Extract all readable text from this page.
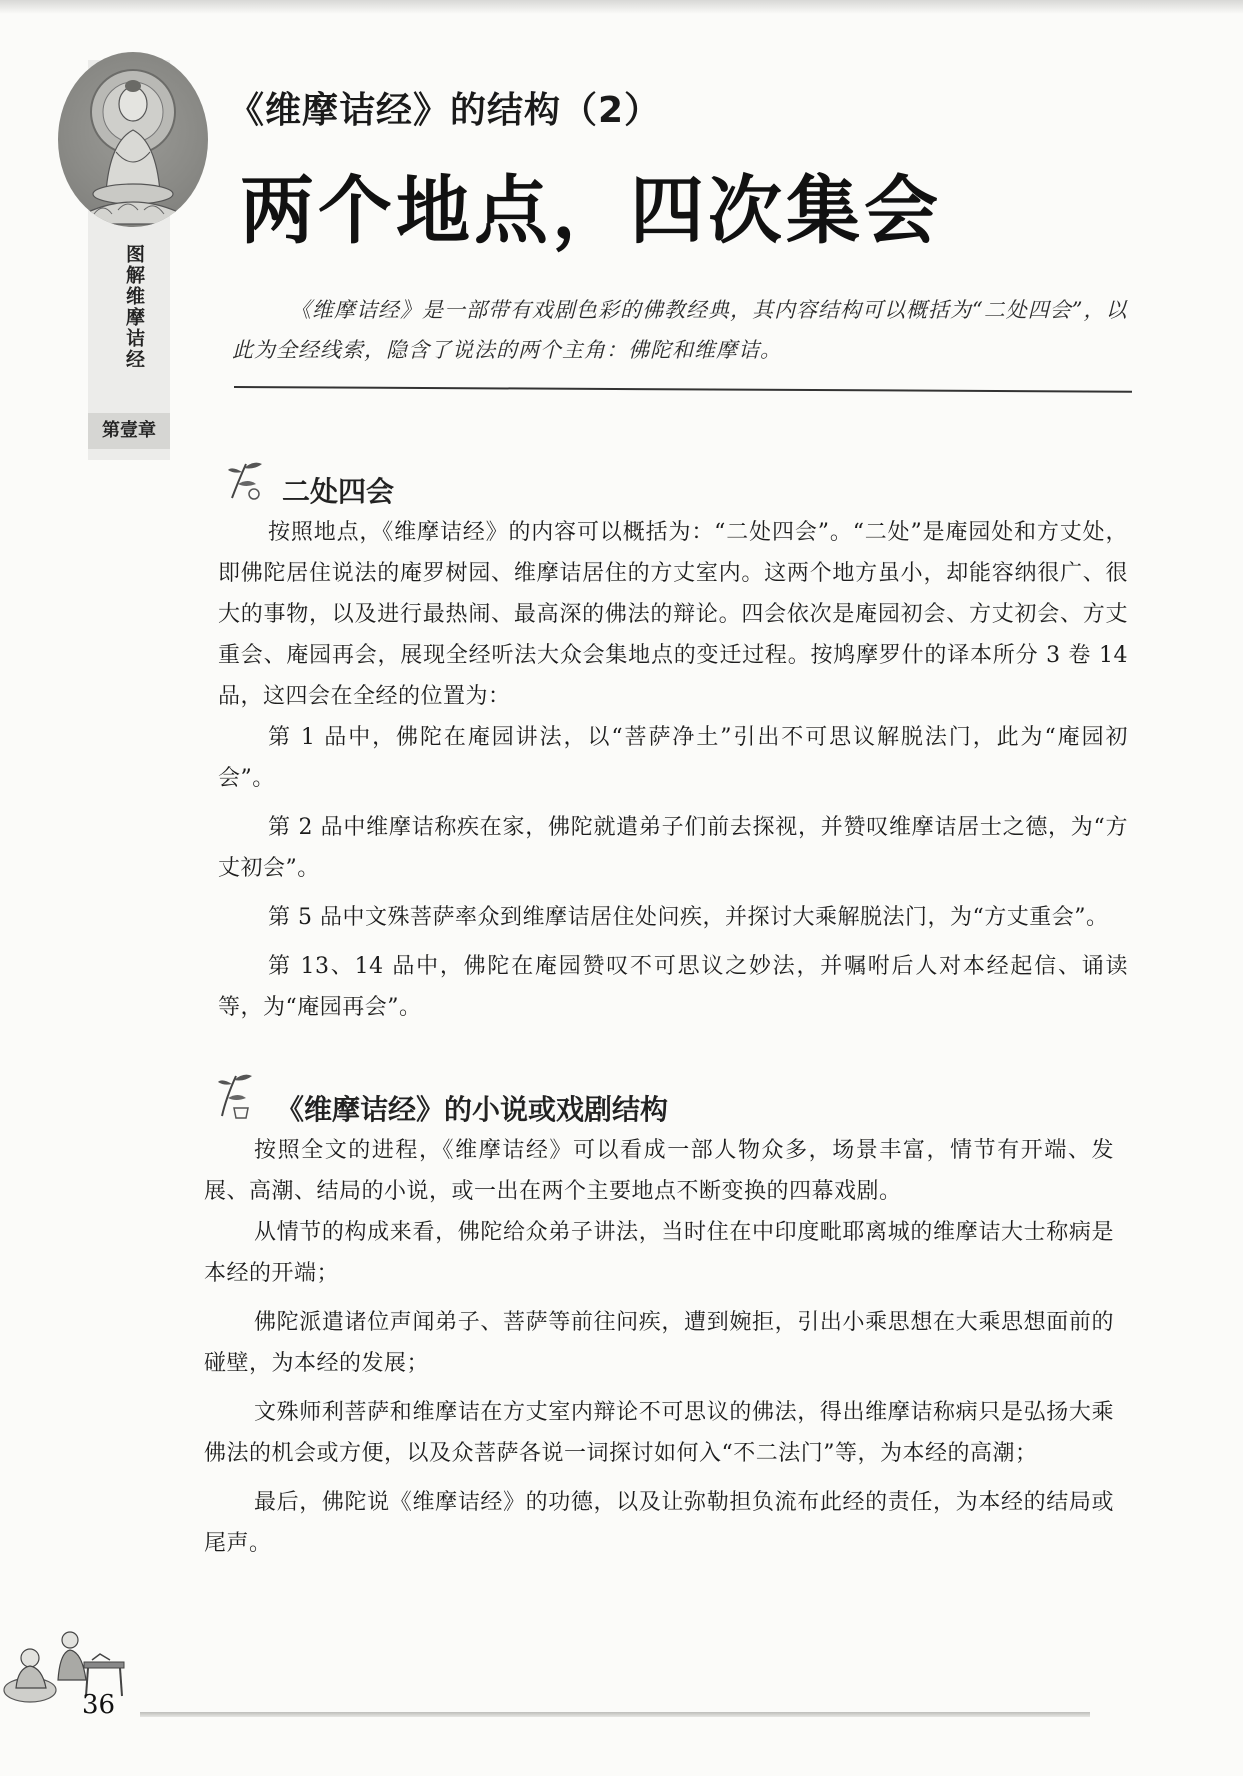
图解维摩诘经
第壹章
《维摩诘经》的结构（2）
两个地点，四次集会
《维摩诘经》是一部带有戏剧色彩的佛教经典，其内容结构可以概括为“二处四会”，以此为全经线索，隐含了说法的两个主角：佛陀和维摩诘。
二处四会

按照地点，《维摩诘经》的内容可以概括为：“二处四会”。“二处”是庵园处和方丈处，即佛陀居住说法的庵罗树园、维摩诘居住的方丈室内。这两个地方虽小，却能容纳很广、很大的事物，以及进行最热闹、最高深的佛法的辩论。四会依次是庵园初会、方丈初会、方丈重会、庵园再会，展现全经听法大众会集地点的变迁过程。按鸠摩罗什的译本所分 3 卷 14 品，这四会在全经的位置为：

第 1 品中，佛陀在庵园讲法，以“菩萨净土”引出不可思议解脱法门，此为“庵园初会”。

第 2 品中维摩诘称疾在家，佛陀就遣弟子们前去探视，并赞叹维摩诘居士之德，为“方丈初会”。

第 5 品中文殊菩萨率众到维摩诘居住处问疾，并探讨大乘解脱法门，为“方丈重会”。

第 13、14 品中，佛陀在庵园赞叹不可思议之妙法，并嘱咐后人对本经起信、诵读等，为“庵园再会”。

《维摩诘经》的小说或戏剧结构

按照全文的进程，《维摩诘经》可以看成一部人物众多，场景丰富，情节有开端、发展、高潮、结局的小说，或一出在两个主要地点不断变换的四幕戏剧。

从情节的构成来看，佛陀给众弟子讲法，当时住在中印度毗耶离城的维摩诘大士称病是本经的开端；

佛陀派遣诸位声闻弟子、菩萨等前往问疾，遭到婉拒，引出小乘思想在大乘思想面前的碰壁，为本经的发展；

文殊师利菩萨和维摩诘在方丈室内辩论不可思议的佛法，得出维摩诘称病只是弘扬大乘佛法的机会或方便，以及众菩萨各说一词探讨如何入“不二法门”等，为本经的高潮；

最后，佛陀说《维摩诘经》的功德，以及让弥勒担负流布此经的责任，为本经的结局或尾声。

36
